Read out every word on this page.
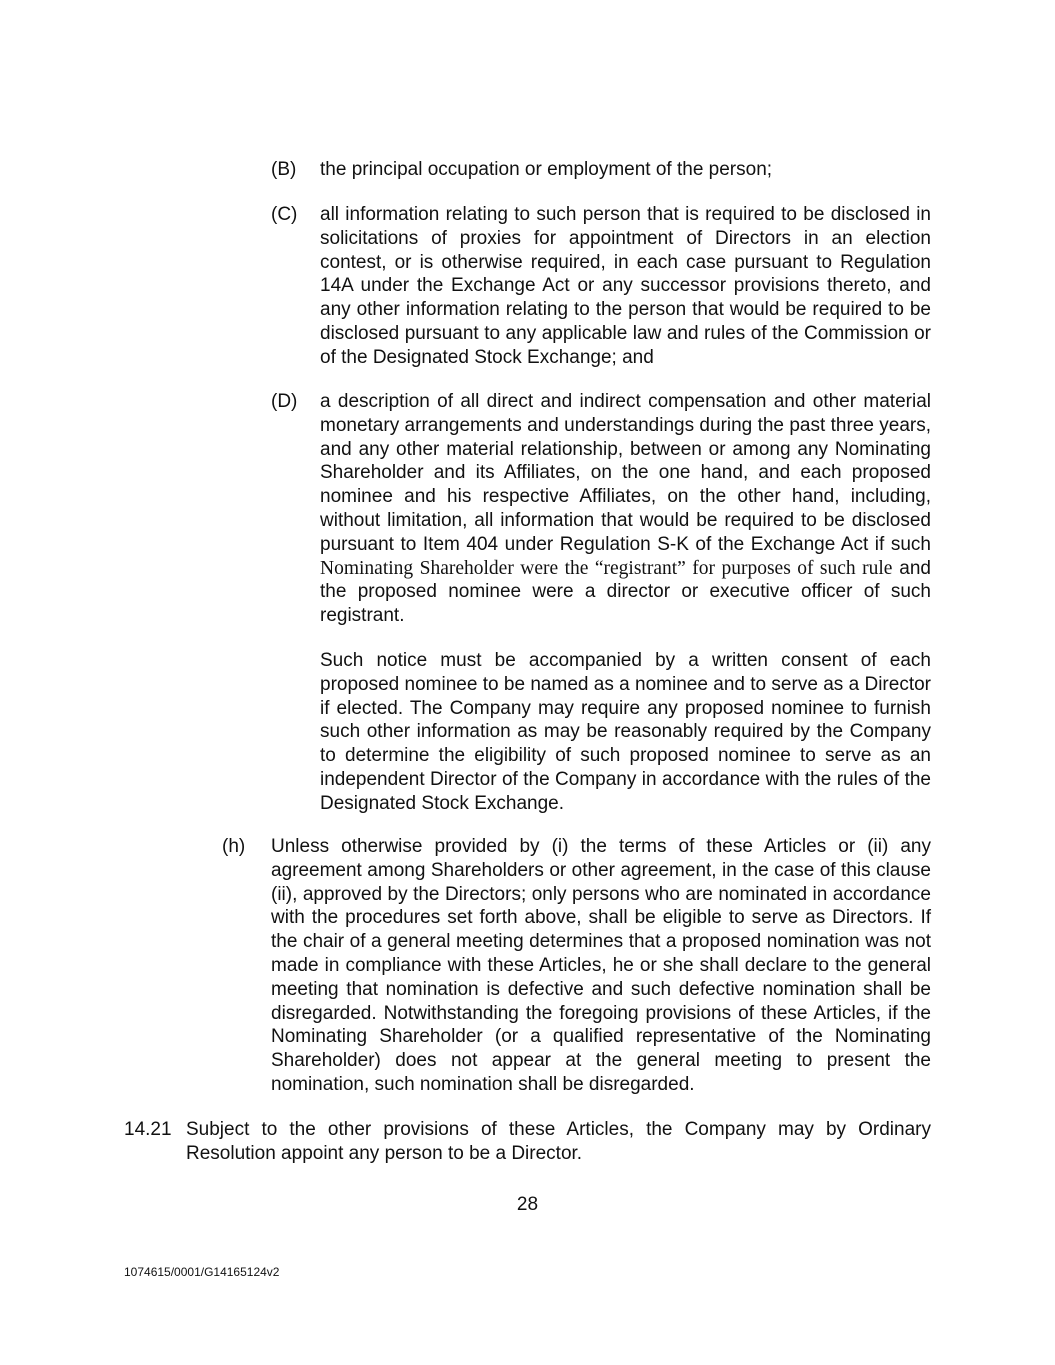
(B) the principal occupation or employment of the person;

(C) all information relating to such person that is required to be disclosed in solicitations of proxies for appointment of Directors in an election contest, or is otherwise required, in each case pursuant to Regulation 14A under the Exchange Act or any successor provisions thereto, and any other information relating to the person that would be required to be disclosed pursuant to any applicable law and rules of the Commission or of the Designated Stock Exchange; and

(D) a description of all direct and indirect compensation and other material monetary arrangements and understandings during the past three years, and any other material relationship, between or among any Nominating Shareholder and its Affiliates, on the one hand, and each proposed nominee and his respective Affiliates, on the other hand, including, without limitation, all information that would be required to be disclosed pursuant to Item 404 under Regulation S-K of the Exchange Act if such Nominating Shareholder were the “registrant” for purposes of such rule and the proposed nominee were a director or executive officer of such registrant.

Such notice must be accompanied by a written consent of each proposed nominee to be named as a nominee and to serve as a Director if elected. The Company may require any proposed nominee to furnish such other information as may be reasonably required by the Company to determine the eligibility of such proposed nominee to serve as an independent Director of the Company in accordance with the rules of the Designated Stock Exchange.

(h) Unless otherwise provided by (i) the terms of these Articles or (ii) any agreement among Shareholders or other agreement, in the case of this clause (ii), approved by the Directors; only persons who are nominated in accordance with the procedures set forth above, shall be eligible to serve as Directors. If the chair of a general meeting determines that a proposed nomination was not made in compliance with these Articles, he or she shall declare to the general meeting that nomination is defective and such defective nomination shall be disregarded. Notwithstanding the foregoing provisions of these Articles, if the Nominating Shareholder (or a qualified representative of the Nominating Shareholder) does not appear at the general meeting to present the nomination, such nomination shall be disregarded.

14.21 Subject to the other provisions of these Articles, the Company may by Ordinary Resolution appoint any person to be a Director.

28

1074615/0001/G14165124v2
